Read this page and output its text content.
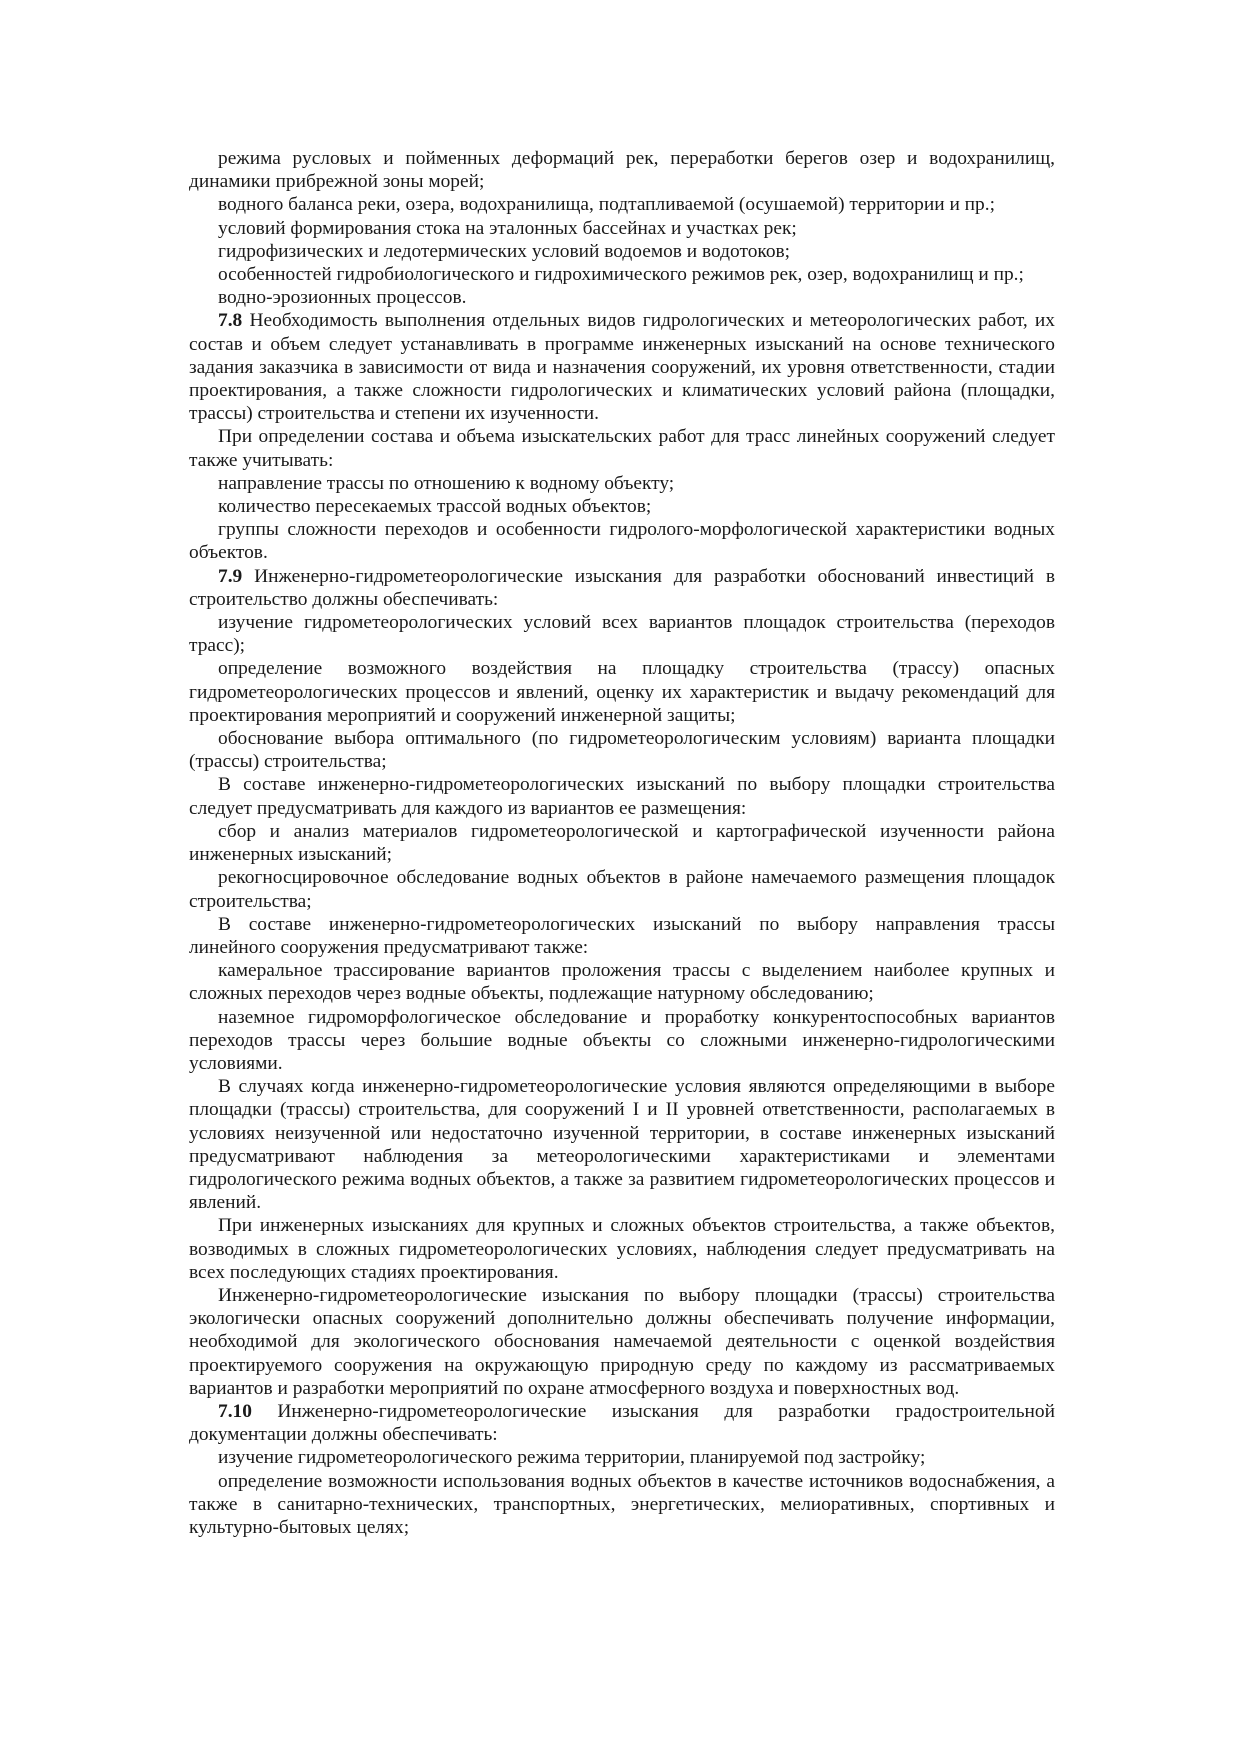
режима русловых и пойменных деформаций рек, переработки берегов озер и водохранилищ, динамики прибрежной зоны морей;

водного баланса реки, озера, водохранилища, подтапливаемой (осушаемой) территории и пр.;

условий формирования стока на эталонных бассейнах и участках рек;

гидрофизических и ледотермических условий водоемов и водотоков;

особенностей гидробиологического и гидрохимического режимов рек, озер, водохранилищ и пр.;

водно-эрозионных процессов.

7.8 Необходимость выполнения отдельных видов гидрологических и метеорологических работ, их состав и объем следует устанавливать в программе инженерных изысканий на основе технического задания заказчика в зависимости от вида и назначения сооружений, их уровня ответственности, стадии проектирования, а также сложности гидрологических и климатических условий района (площадки, трассы) строительства и степени их изученности.

При определении состава и объема изыскательских работ для трасс линейных сооружений следует также учитывать:

направление трассы по отношению к водному объекту;

количество пересекаемых трассой водных объектов;

группы сложности переходов и особенности гидролого-морфологической характеристики водных объектов.

7.9 Инженерно-гидрометеорологические изыскания для разработки обоснований инвестиций в строительство должны обеспечивать:

изучение гидрометеорологических условий всех вариантов площадок строительства (переходов трасс);

определение возможного воздействия на площадку строительства (трассу) опасных гидрометеорологических процессов и явлений, оценку их характеристик и выдачу рекомендаций для проектирования мероприятий и сооружений инженерной защиты;

обоснование выбора оптимального (по гидрометеорологическим условиям) варианта площадки (трассы) строительства;

В составе инженерно-гидрометеорологических изысканий по выбору площадки строительства следует предусматривать для каждого из вариантов ее размещения:

сбор и анализ материалов гидрометеорологической и картографической изученности района инженерных изысканий;

рекогносцировочное обследование водных объектов в районе намечаемого размещения площадок строительства;

В составе инженерно-гидрометеорологических изысканий по выбору направления трассы линейного сооружения предусматривают также:

камеральное трассирование вариантов проложения трассы с выделением наиболее крупных и сложных переходов через водные объекты, подлежащие натурному обследованию;

наземное гидроморфологическое обследование и проработку конкурентоспособных вариантов переходов трассы через большие водные объекты со сложными инженерно-гидрологическими условиями.

В случаях когда инженерно-гидрометеорологические условия являются определяющими в выборе площадки (трассы) строительства, для сооружений I и II уровней ответственности, располагаемых в условиях неизученной или недостаточно изученной территории, в составе инженерных изысканий предусматривают наблюдения за метеорологическими характеристиками и элементами гидрологического режима водных объектов, а также за развитием гидрометеорологических процессов и явлений.

При инженерных изысканиях для крупных и сложных объектов строительства, а также объектов, возводимых в сложных гидрометеорологических условиях, наблюдения следует предусматривать на всех последующих стадиях проектирования.

Инженерно-гидрометеорологические изыскания по выбору площадки (трассы) строительства экологически опасных сооружений дополнительно должны обеспечивать получение информации, необходимой для экологического обоснования намечаемой деятельности с оценкой воздействия проектируемого сооружения на окружающую природную среду по каждому из рассматриваемых вариантов и разработки мероприятий по охране атмосферного воздуха и поверхностных вод.

7.10 Инженерно-гидрометеорологические изыскания для разработки градостроительной документации должны обеспечивать:

изучение гидрометеорологического режима территории, планируемой под застройку;

определение возможности использования водных объектов в качестве источников водоснабжения, а также в санитарно-технических, транспортных, энергетических, мелиоративных, спортивных и культурно-бытовых целях;
